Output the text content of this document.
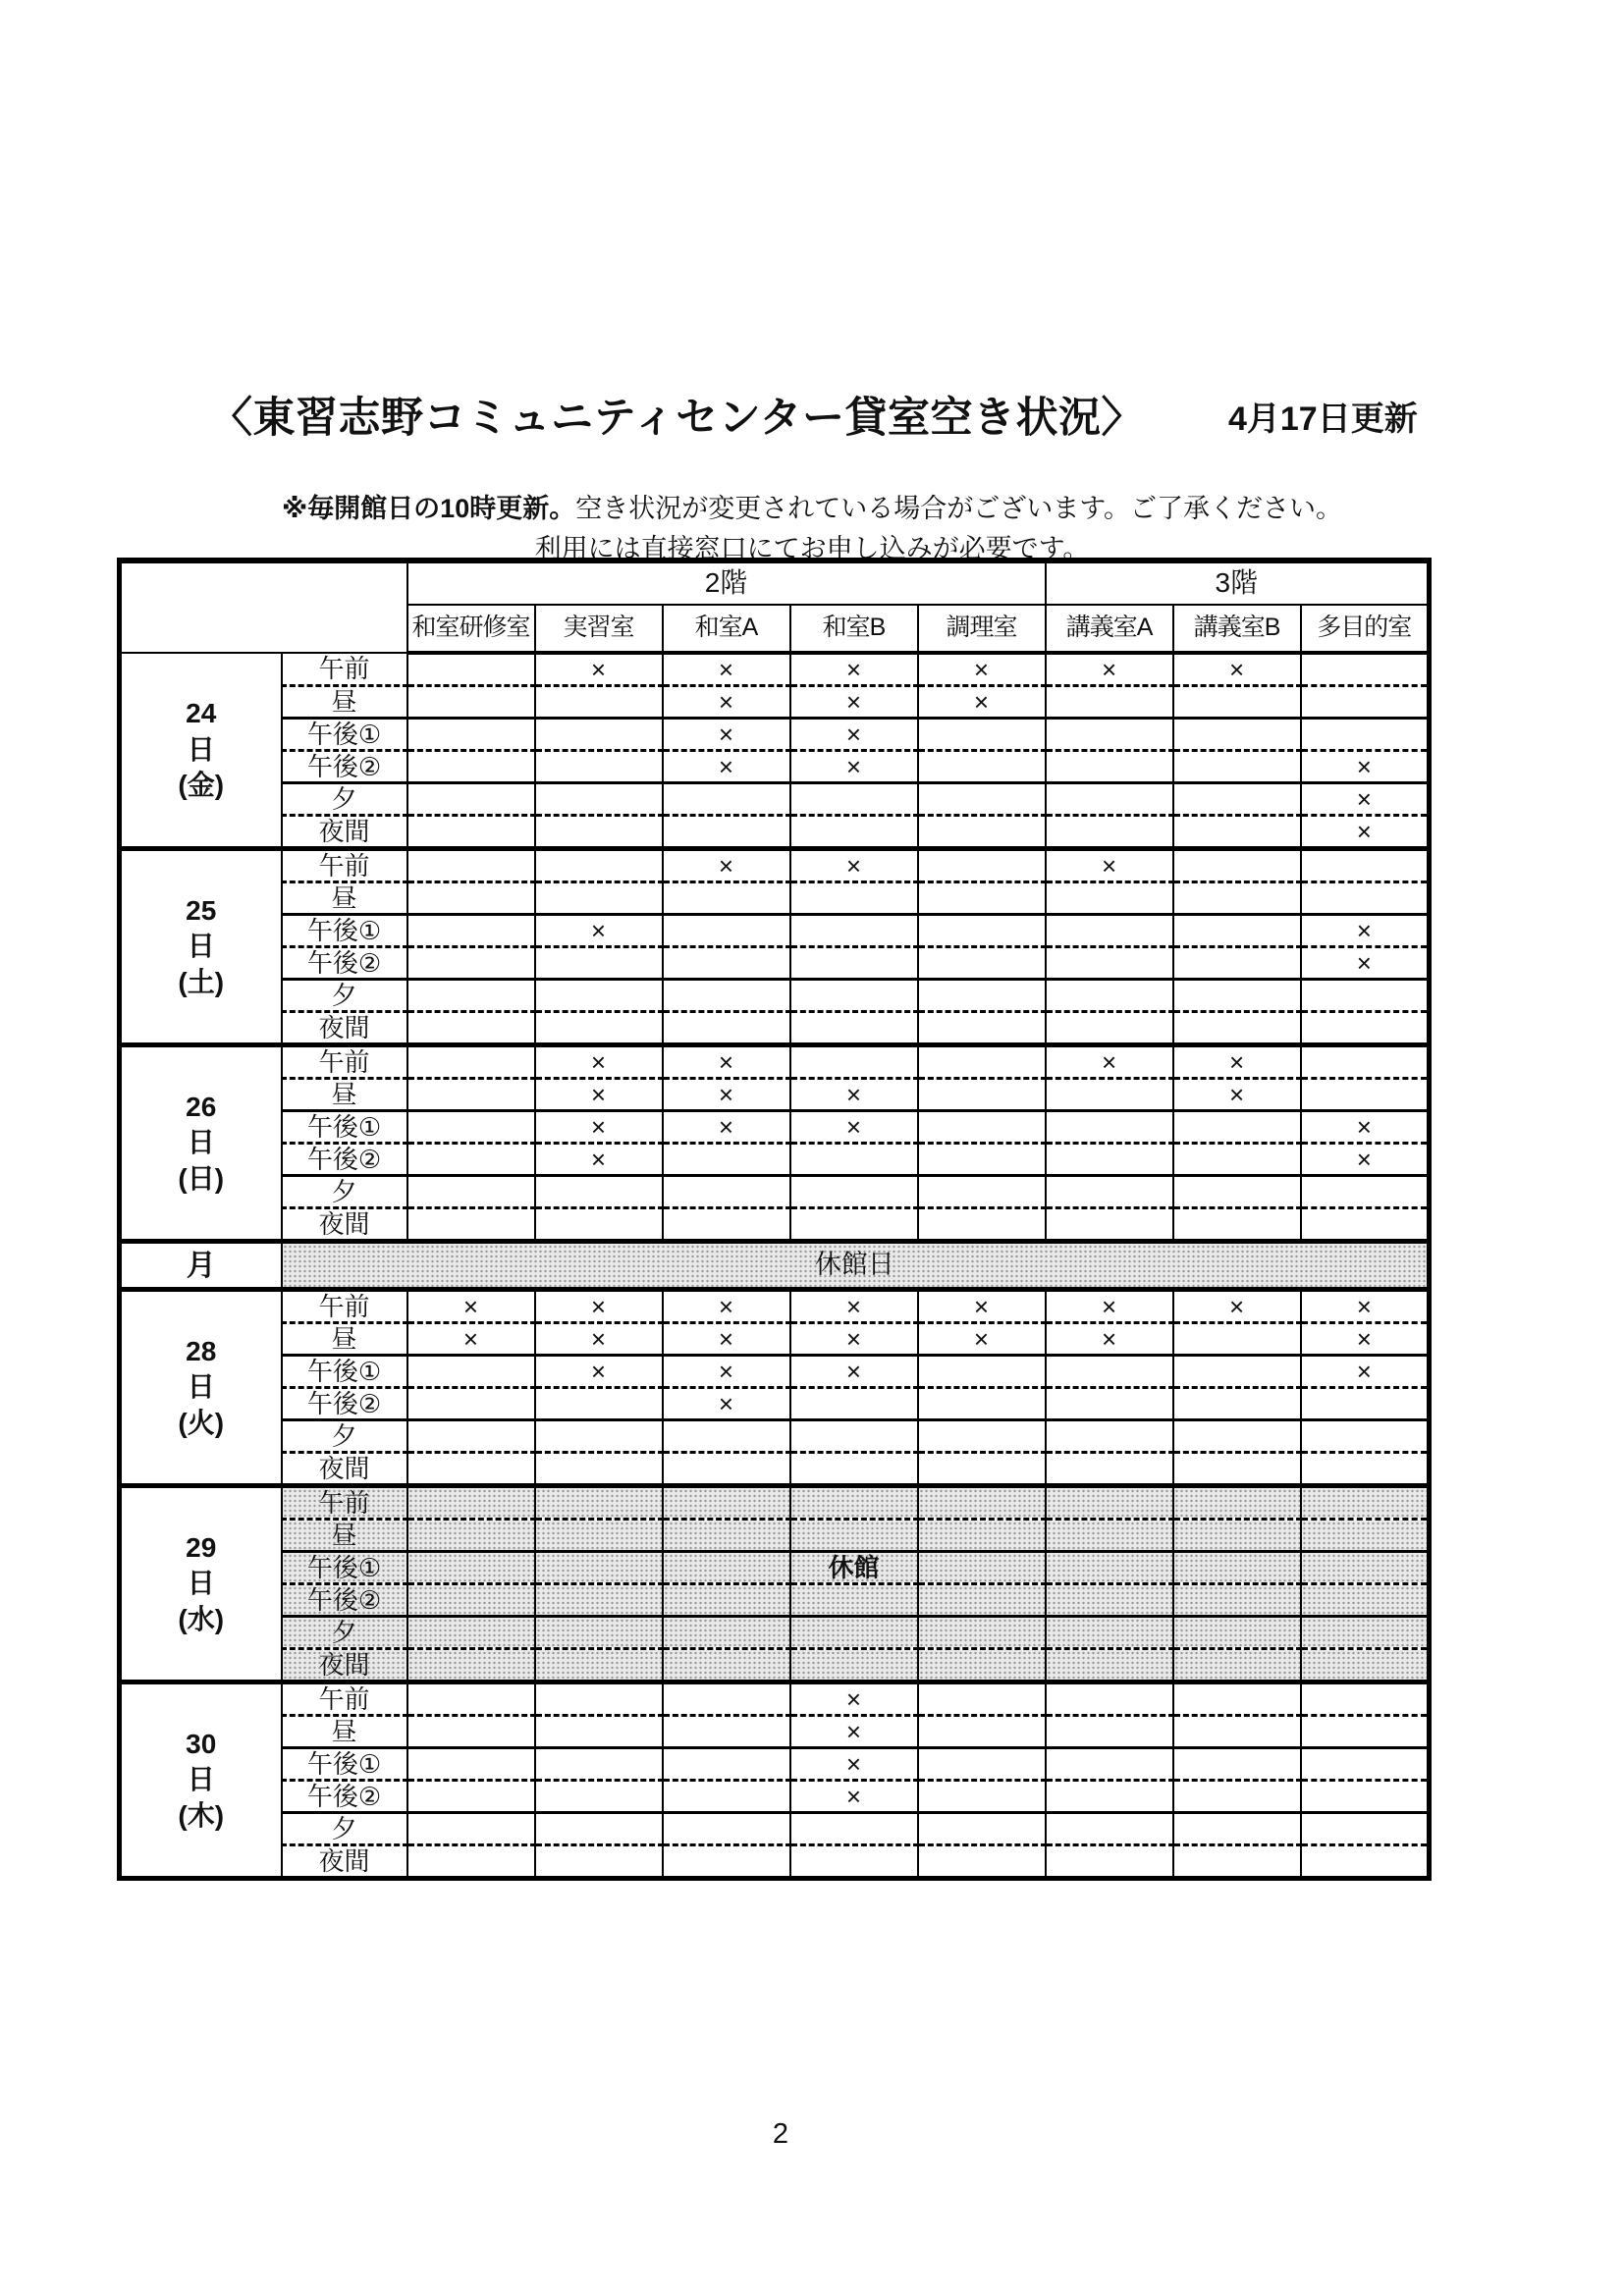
〈東習志野コミュニティセンター貸室空き状況〉	4月17日更新
※毎開館日の10時更新。空き状況が変更されている場合がございます。ご了承ください。
利用には直接窓口にてお申し込みが必要です。
		2階					3階		
		和室研修室	実習室	和室A	和室B	調理室	講義室A	講義室B	多目的室

24
日
(金)	午前		×	×	×	×	×	×	
	昼			×	×	×			
	午後①			×	×				
	午後②			×	×				×
	夕								×
	夜間								×

25
日
(土)	午前			×	×		×		
	昼								
	午後①		×						×
	午後②								×
	夕								
	夜間								

26
日
(日)	午前		×	×			×	×	
	昼		×	×	×			×	
	午後①		×	×	×				×
	午後②		×						×
	夕								
	夜間								
月	休館日								

28
日
(火)	午前	×	×	×	×	×	×	×	×
	昼	×	×	×	×	×	×		×
	午後①		×	×	×				×
	午後②			×					
	夕								
	夜間								

29
日
(水)	午前								
	昼								
	午後①				休館				
	午後②								
	夕								
	夜間								

30
日
(木)	午前				×				
	昼				×				
	午後①				×				
	午後②				×				
	夕								
	夜間								
2
